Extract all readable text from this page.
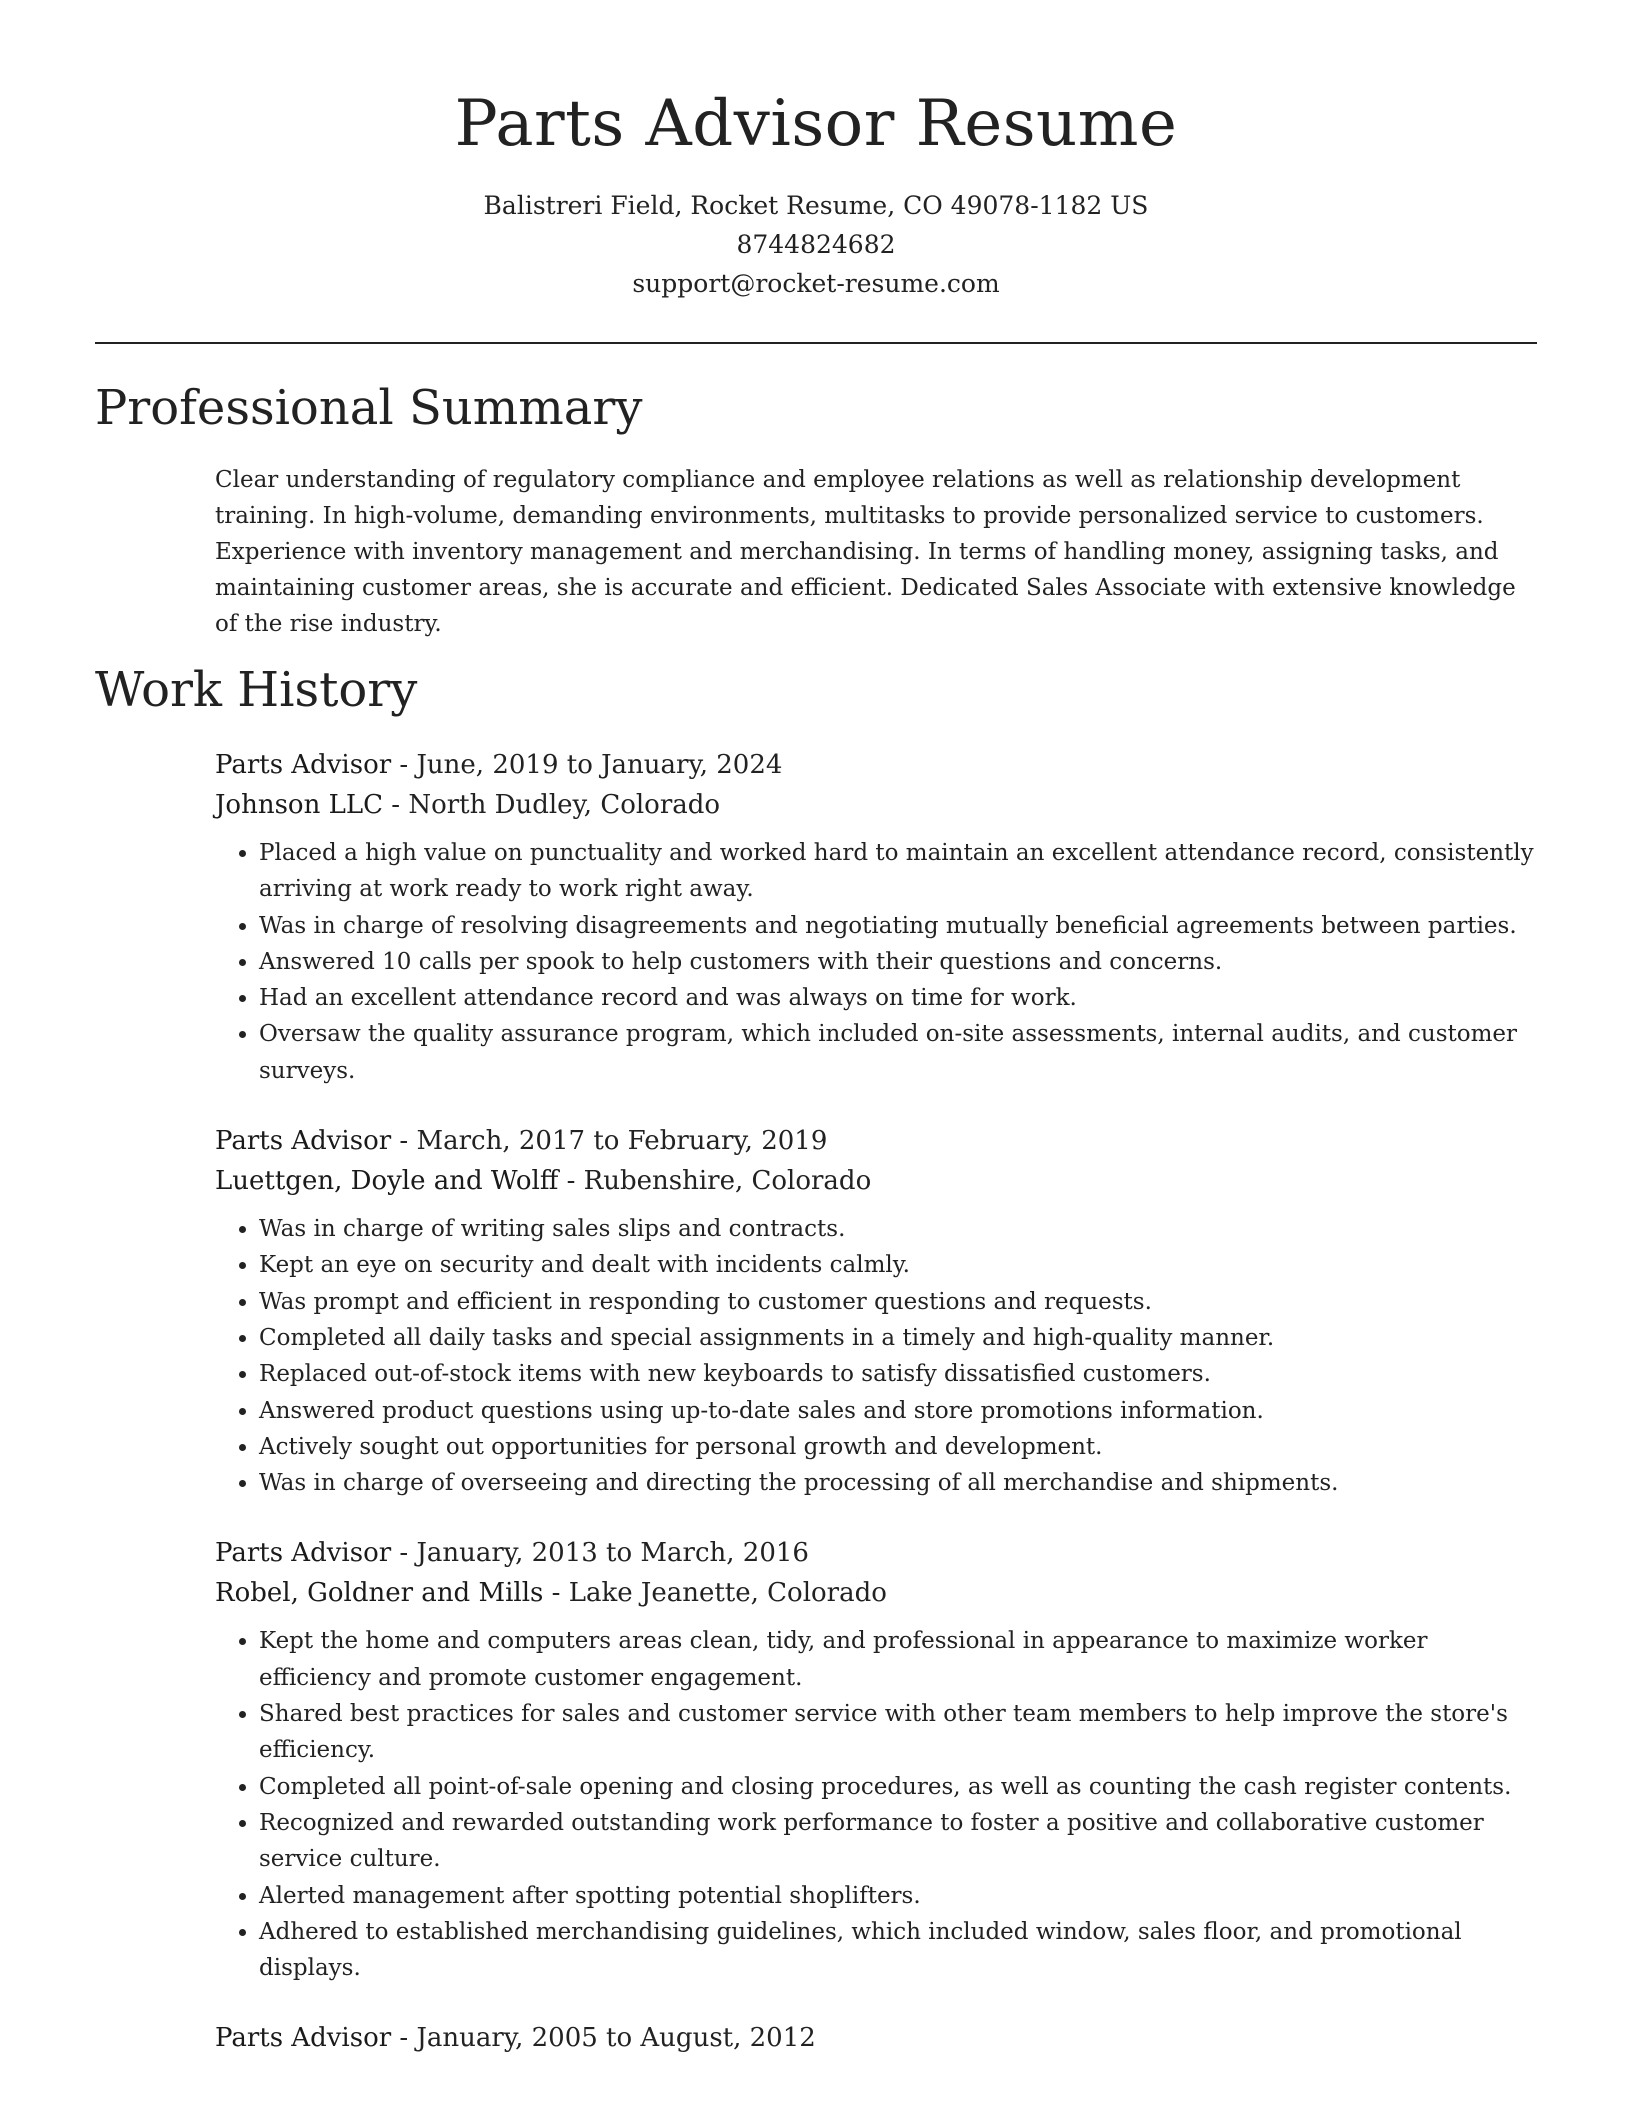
Parts Advisor Resume
Balistreri Field, Rocket Resume, CO 49078-1182 US
8744824682
support@rocket-resume.com
Professional Summary

Clear understanding of regulatory compliance and employee relations as well as relationship development training. In high-volume, demanding environments, multitasks to provide personalized service to customers. Experience with inventory management and merchandising. In terms of handling money, assigning tasks, and maintaining customer areas, she is accurate and efficient. Dedicated Sales Associate with extensive knowledge of the rise industry.

Work History
Parts Advisor - June, 2019 to January, 2024
Johnson LLC - North Dudley, Colorado
• Placed a high value on punctuality and worked hard to maintain an excellent attendance record, consistently arriving at work ready to work right away.
• Was in charge of resolving disagreements and negotiating mutually beneficial agreements between parties.
• Answered 10 calls per spook to help customers with their questions and concerns.
• Had an excellent attendance record and was always on time for work.
• Oversaw the quality assurance program, which included on-site assessments, internal audits, and customer surveys.
Parts Advisor - March, 2017 to February, 2019
Luettgen, Doyle and Wolff - Rubenshire, Colorado
• Was in charge of writing sales slips and contracts.
• Kept an eye on security and dealt with incidents calmly.
• Was prompt and efficient in responding to customer questions and requests.
• Completed all daily tasks and special assignments in a timely and high-quality manner.
• Replaced out-of-stock items with new keyboards to satisfy dissatisfied customers.
• Answered product questions using up-to-date sales and store promotions information.
• Actively sought out opportunities for personal growth and development.
• Was in charge of overseeing and directing the processing of all merchandise and shipments.
Parts Advisor - January, 2013 to March, 2016
Robel, Goldner and Mills - Lake Jeanette, Colorado
• Kept the home and computers areas clean, tidy, and professional in appearance to maximize worker efficiency and promote customer engagement.
• Shared best practices for sales and customer service with other team members to help improve the store's efficiency.
• Completed all point-of-sale opening and closing procedures, as well as counting the cash register contents.
• Recognized and rewarded outstanding work performance to foster a positive and collaborative customer service culture.
• Alerted management after spotting potential shoplifters.
• Adhered to established merchandising guidelines, which included window, sales floor, and promotional displays.
Parts Advisor - January, 2005 to August, 2012
